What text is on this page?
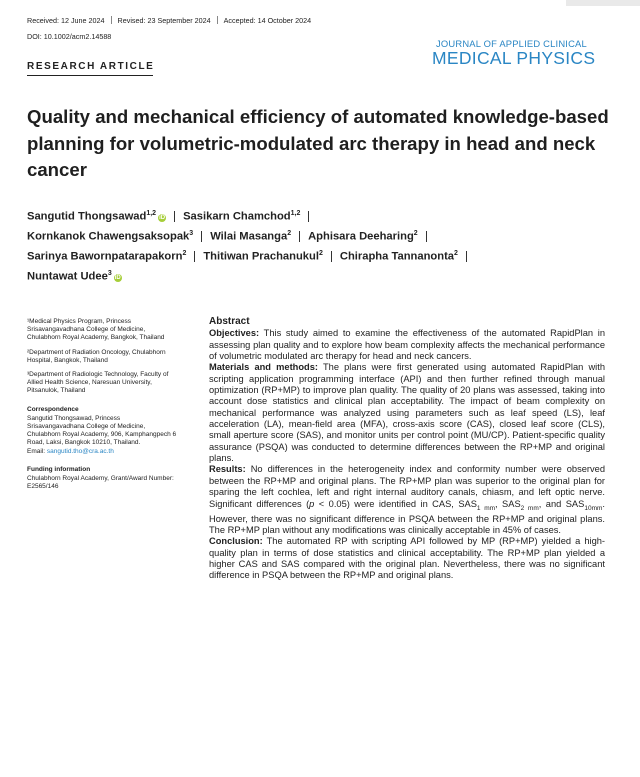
Received: 12 June 2024 Revised: 23 September 2024 Accepted: 14 October 2024
DOI: 10.1002/acm2.14588
JOURNAL OF APPLIED CLINICAL
MEDICAL PHYSICS
RESEARCH ARTICLE
Quality and mechanical efficiency of automated knowledge-based planning for volumetric-modulated arc therapy in head and neck cancer
Sangutid Thongsawad$^{1,2}$iD Sasikarn Chamchod$^{1,2}$
Kornkanok Chawengsaksopak$^3$ Wilai Masanga$^2$ Aphisara Deeharing$^2$
Sarinya Bawornpatarapakorn$^2$ Thitiwan Prachanukul$^2$ Chirapha Tannanonta$^2$
Nuntawat Udee$^3$iD

¹Medical Physics Program, Princess Srisavangavadhana College of Medicine, Chulabhorn Royal Academy, Bangkok, Thailand

²Department of Radiation Oncology, Chulabhorn Hospital, Bangkok, Thailand

³Department of Radiologic Technology, Faculty of Allied Health Science, Naresuan University, Pitsanulok, Thailand

Correspondence

Sangutid Thongsawad, Princess Srisavangavadhana College of Medicine, Chulabhorn Royal Academy, 906, Kamphangpech 6 Road, Laksi, Bangkok 10210, Thailand.

Email: sangutid.tho@cra.ac.th

Funding information

Chulabhorn Royal Academy, Grant/Award Number: E2565/146

Abstract

Objectives: This study aimed to examine the effectiveness of the automated RapidPlan in assessing plan quality and to explore how beam complexity affects the mechanical performance of volumetric modulated arc therapy for head and neck cancers.

Materials and methods: The plans were first generated using automated RapidPlan with scripting application programming interface (API) and then further refined through manual optimization (RP+MP) to improve plan quality. The quality of 20 plans was assessed, taking into account dose statistics and clinical plan acceptability. The impact of beam complexity on mechanical performance was analyzed using parameters such as leaf speed (LS), leaf acceleration (LA), mean-field area (MFA), cross-axis score (CAS), closed leaf score (CLS), small aperture score (SAS), and monitor units per control point (MU/CP). Patient-specific quality assurance (PSQA) was conducted to determine differences between the RP+MP and original plans.

Results: No differences in the heterogeneity index and conformity number were observed between the RP+MP and original plans. The RP+MP plan was superior to the original plan for sparing the left cochlea, left and right internal auditory canals, chiasm, and left optic nerve. Significant differences (p < 0.05) were identified in CAS, $SAS_{1 mm}$, $SAS_{2 mm}$, and $SAS_{10mm}$. However, there was no significant difference in PSQA between the RP+MP and original plans. The RP+MP plan without any modifications was clinically acceptable in 45% of cases.

Conclusion: The automated RP with scripting API followed by MP (RP+MP) yielded a high-quality plan in terms of dose statistics and clinical acceptability. The RP+MP plan yielded a higher CAS and SAS compared with the original plan. Nevertheless, there was no significant difference in PSQA between the RP+MP and original plans.
